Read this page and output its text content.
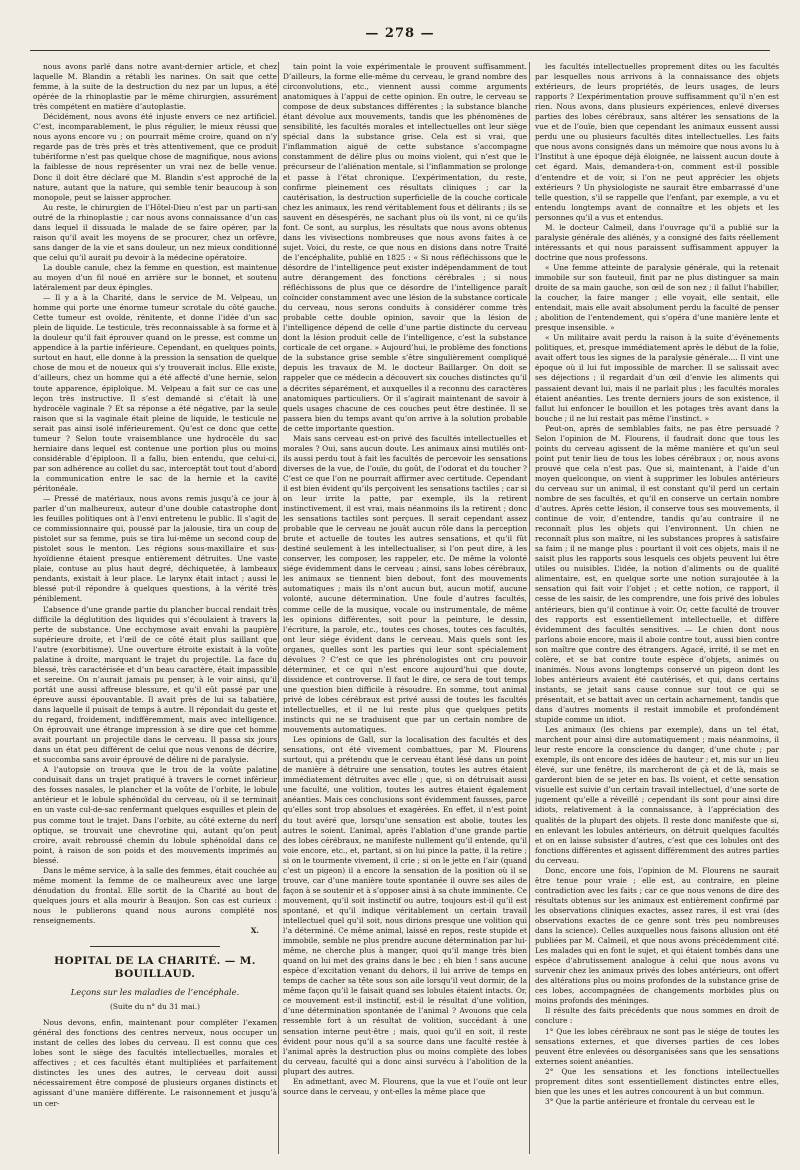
— 278 —

nous avons parlé dans notre avant-dernier article, et chez laquelle M. Blandin a rétabli les narines. On sait que cette femme, à la suite de la destruction du nez par un lupus, a été opérée de la rhinoplastie par le même chirurgien, assurément très compétent en matière d’autoplastie.

Décidément, nous avons été injuste envers ce nez artificiel. C’est, incomparablement, le plus régulier, le mieux réussi que nous ayons encore vu ; on pourrait même croire, quand on n’y regarde pas de très près et très attentivement, que ce produit tubériforme n’est pas quelque chose de magnifique, nous avions la faiblesse de nous représenter un vrai nez de belle venue. Donc il doit être déclaré que M. Blandin s’est approché de la nature, autant que la nature, qui semble tenir beaucoup à son monopole, peut se laisser approcher.

Au reste, le chirurgien de l’Hôtel-Dieu n’est par un parti-san outré de la rhinoplastie ; car nous avons connaissance d’un cas dans lequel il dissuada le malade de se faire opérer, par la raison qu’il avait les moyens de se procurer, chez un orfèvre, sans danger de la vie et sans douleur, un nez mieux conditionné que celui qu’il aurait pu devoir à la médecine opératoire.

La double canule, chez la femme en question, est maintenue au moyen d’un fil noué en arrière sur le bonnet, et soutenu latéralement par deux épingles.

— Il y a à la Charité, dans le service de M. Velpeau, un homme qui porte une énorme tumeur scrotale du côté gauche. Cette tumeur est ovoïde, rénitente, et donne l’idée d’un sac plein de liquide. Le testicule, très reconnaissable à sa forme et à la douleur qu’il fait éprouver quand on le presse, est comme un appendice à la partie inférieure. Cependant, en quelques points, surtout en haut, elle donne à la pression la sensation de quelque chose de mou et de noueux qui s’y trouverait inclus. Elle existe, d’ailleurs, chez un homme qui a été affecté d’une hernie, selon toute apparence, épiploïque. M. Velpeau a fait sur ce cas une leçon très instructive. Il s’est demandé si c’était là une hydrocèle vaginale ? Et sa réponse a été négative, par la seule raison que si la vaginale était pleine de liquide, le testicule ne serait pas ainsi isolé inférieurement. Qu’est ce donc que cette tumeur ? Selon toute vraisemblance une hydrocèle du sac herniaire dans lequel est contenue une portion plus ou moins considérable d’épiploon. Il a fallu, bien entendu, que celui-ci, par son adhérence au collet du sac, interceptât tout tout d’abord la communication entre le sac de la hernie et la cavité péritonéale.

— Pressé de matériaux, nous avons remis jusqu’à ce jour à parler d’un malheureux, auteur d’une double catastrophe dont les feuilles politiques ont à l’envi entretenu le public. Il s’agit de ce commissionnaire qui, poussé par la jalousie, tira un coup de pistolet sur sa femme, puis se tira lui-même un second coup de pistolet sous le menton. Les régions sous-maxillaire et sus-hyoïdienne étaient presque entièrement détruites. Une vaste plaie, contuse au plus haut degré, déchiquetée, à lambeaux pendants, existait à leur place. Le larynx était intact ; aussi le blessé put-il répondre à quelques questions, à la vérité très péniblement.

L’absence d’une grande partie du plancher buccal rendait très difficile la déglutition des liquides qui s’écoulaient à travers la perte de substance. Une ecchymose avait envahi la paupière supérieure droite, et l’œil de ce côté était plus saillant que l’autre (exorbitisme). Une ouverture étroite existait à la voûte palatine à droite, marquant le trajet du projectile. La face du blessé, très caractérisée et d’un beau caractère, était impassible et sereine. On n’aurait jamais pu penser, à le voir ainsi, qu’il portât une aussi affreuse blessure, et qu’il eût passé par une épreuve aussi épouvantable. Il avait près de lui sa tabatière, dans laquelle il puisait de temps à autre. Il répondait du geste et du regard, froidement, indifféremment, mais avec intelligence. On éprouvait une étrange impression à se dire que cet homme avait pourtant un projectile dans le cerveau. Il passa six jours dans un état peu différent de celui que nous venons de décrire, et succomba sans avoir éprouvé de délire ni de paralysie.

A l’autopsie on trouva que le trou de la voûte palatine conduisait dans un trajet pratiqué à travers le cornet inférieur des fosses nasales, le plancher et la voûte de l’orbite, le lobule antérieur et le lobule sphénoïdal du cerveau, où il se terminait en un vaste cul-de-sac renfermant quelques esquilles et plein de pus comme tout le trajet. Dans l’orbite, au côté externe du nerf optique, se trouvait une chevrotine qui, autant qu’on peut croire, avait rebroussé chemin du lobule sphénoïdal dans ce point, à raison de son poids et des mouvements imprimés au blessé.

Dans le même service, à la salle des femmes, était couchée au même moment la femme de ce malheureux avec une large dénudation du frontal. Elle sortit de la Charité au bout de quelques jours et alla mourir à Beaujon. Son cas est curieux : nous le publierons quand nous aurons complété nos renseignements.

X.
HOPITAL DE LA CHARITÉ. — M. BOUILLAUD.
Leçons sur les maladies de l’encéphale.
(Suite du n° du 31 mai.)

Nous devons, enfin, maintenant pour compléter l’examen général des fonctions des centres nerveux, nous occuper un instant de celles des lobes du cerveau. Il est connu que ces lobes sont le siège des facultés intellectuelles, morales et affectives ; et ces facultés étant multipliées et parfaitement distinctes les unes des autres, le cerveau doit aussi nécessairement être composé de plusieurs organes distincts et agissant d’une manière différente. Le raisonnement et jusqu’à un cer-

tain point la voie expérimentale le prouvent suffisamment. D’ailleurs, la forme elle-même du cerveau, le grand nombre des circonvolutions, etc., viennent aussi comme arguments anatomiques à l’appui de cette opinion. En outre, le cerveau se compose de deux substances différentes ; la substance blanche étant dévolue aux mouvements, tandis que les phénomènes de sensibilité, les facultés morales et intellectuelles ont leur siège spécial dans la substance grise. Cela est si vrai, que l’inflammation aiguë de cette substance s’accompagne constamment de délire plus ou moins violent, qui n’est que le précurseur de l’aliénation mentale, si l’inflammation se prolonge et passe à l’état chronique. L’expérimentation, du reste, confirme pleinement ces résultats cliniques ; car la cautérisation, la destruction superficielle de la couche corticale chez les animaux, les rend véritablement fous et délirants ; ils se sauvent en désespérés, ne sachant plus où ils vont, ni ce qu’ils font. Ce sont, au surplus, les résultats que nous avons obtenus dans les vivisections nombreuses que nous avons faites à ce sujet. Voici, du reste, ce que nous en disions dans notre Traité de l’encéphalite, publié en 1825 : « Si nous réfléchissons que le désordre de l’intelligence peut exister indépendamment de tout autre dérangement des fonctions cérébrales ; si nous réfléchissons de plus que ce désordre de l’intelligence paraît coïncider constamment avec une lésion de la substance corticale du cerveau, nous serons conduits à considérer comme très probable cette double opinion, savoir que la lésion de l’intelligence dépend de celle d’une partie distincte du cerveau dont la lésion produit celle de l’intelligence, c’est la substance corticale de cet organe. » Aujourd’hui, le problème des fonctions de la substance grise semble s’être singulièrement compliqué depuis les travaux de M. le docteur Baillarger. On doit se rappeler que ce médecin a découvert six couches distinctes qu’il a décrites séparément, et auxquelles il a reconnu des caractères anatomiques particuliers. Or il s’agirait maintenant de savoir à quels usages chacune de ces couches peut être destinée. Il se passera bien du temps avant qu’on arrive à la solution probable de cette importante question.

Mais sans cerveau est-on privé des facultés intellectuelles et morales ? Oui, sans aucun doute. Les animaux ainsi mutilés ont-ils aussi perdu tout à fait les facultés de percevoir les sensations diverses de la vue, de l’ouïe, du goût, de l’odorat et du toucher ? C’est ce que l’on ne pourrait affirmer avec certitude. Cependant il est bien évident qu’ils perçoivent les sensations tactiles ; car si on leur irrite la patte, par exemple, ils la retirent instinctivement, il est vrai, mais néanmoins ils la retirent ; donc les sensations tactiles sont perçues. Il serait cependant assez probable que le cerveau ne jouât aucun rôle dans la perception brute et actuelle de toutes les autres sensations, et qu’il fût destiné seulement à les intellectualiser, si l’on peut dire, à les conserver, les composer, les rappeler, etc. De même la volonté siége évidemment dans le cerveau ; ainsi, sans lobes cérébraux, les animaux se tiennent bien debout, font des mouvements automatiques ; mais ils n’ont aucun but, aucun motif, aucune volonté, aucune détermination. Une foule d’autres facultés, comme celle de la musique, vocale ou instrumentale, de même les opinions différentes, soit pour la peinture, le dessin, l’écriture, la parole, etc., toutes ces choses, toutes ces facultés, ont leur siége évident dans le cerveau. Mais quels sont les organes, quelles sont les parties qui leur sont spécialement dévolues ? C’est ce que les phrénologistes ont cru pouvoir déterminer, et ce qui n’est encore aujourd’hui que doute, dissidence et controverse. Il faut le dire, ce sera de tout temps une question bien difficile à résoudre. En somme, tout animal privé de lobes cérébraux est privé aussi de toutes les facultés intellectuelles, et il ne lui reste plus que quelques petits instincts qui ne se traduisent que par un certain nombre de mouvements automatiques.

Les opinions de Gall, sur la localisation des facultés et des sensations, ont été vivement combattues, par M. Flourens surtout, qui a prétendu que le cerveau étant lésé dans un point de manière à détruire une sensation, toutes les autres étaient immédiatement détruites avec elle ; que, si on détruisait aussi une faculté, une volition, toutes les autres étaient également anéanties. Mais ces conclusions sont évidemment fausses, parce qu’elles sont trop absolues et exagérées. En effet, il n’est point du tout avéré que, lorsqu’une sensation est abolie, toutes les autres le soient. L’animal, après l’ablation d’une grande partie des lobes cérébraux, ne manifeste nullement qu’il entende, qu’il voie encore, etc., et, partant, si on lui pince la patte, il la retire ; si on le tourmente vivement, il crie ; si on le jette en l’air (quand c’est un pigeon) il a encore la sensation de la position où il se trouve, car d’une manière toute spontanée il ouvre ses ailes de façon à se soutenir et à s’opposer ainsi à sa chute imminente. Ce mouvement, qu’il soit instinctif ou autre, toujours est-il qu’il est spontané, et qu’il indique véritablement un certain travail intellectuel quel qu’il soit, nous dirions presque une volition qui l’a déterminé. Ce même animal, laissé en repos, reste stupide et immobile, semble ne plus prendre aucune détermination par lui-même, ne cherche plus à manger, quoi qu’il mange très bien quand on lui met des grains dans le bec ; eh bien ! sans aucune espèce d’excitation venant du dehors, il lui arrive de temps en temps de cacher sa tête sous son aile lorsqu’il veut dormir, de la même façon qu’il le faisait quand ses lobules étaient intacts. Or, ce mouvement est-il instinctif, est-il le résultat d’une volition, d’une détermination spontanée de l’animal ? Avouons que cela ressemble fort à un résultat de volition, succédant à une sensation interne peut-être ; mais, quoi qu’il en soit, il reste évident pour nous qu’il a sa source dans une faculté restée à l’animal après la destruction plus ou moins complète des lobes du cerveau, faculté qui a donc ainsi survécu à l’abolition de la plupart des autres.

En admettant, avec M. Flourens, que la vue et l’ouïe ont leur source dans le cerveau, y ont-elles la même place que

les facultés intellectuelles proprement dites ou les facultés par lesquelles nous arrivons à la connaissance des objets extérieurs, de leurs propriétés, de leurs usages, de leurs rapports ? L’expérimentation prouve suffisamment qu’il n’en est rien. Nous avons, dans plusieurs expériences, enlevé diverses parties des lobes cérébraux, sans altérer les sensations de la vue et de l’ouïe, bien que cependant les animaux eussent aussi perdu une ou plusieurs facultés dites intellectuelles. Les faits que nous avons consignés dans un mémoire que nous avons lu à l’Institut à une époque déjà éloignée, ne laissent aucun doute à cet égard. Mais, demandera-t-on, comment est-il possible d’entendre et de voir, si l’on ne peut apprécier les objets extérieurs ? Un physiologiste ne saurait être embarrassé d’une telle question, s’il se rappelle que l’enfant, par exemple, a vu et entendu longtemps avant de connaître et les objets et les personnes qu’il a vus et entendus.

M. le docteur Calmeil, dans l’ouvrage qu’il a publié sur la paralysie générale des aliénés, y a consigné des faits réellement intéressants et qui nous paraissent suffisamment appuyer la doctrine que nous professons.

« Une femme atteinte de paralysie générale, qui la retenait immobile sur son fauteuil, finit par ne plus distinguer sa main droite de sa main gauche, son œil de son nez ; il fallut l’habiller, la coucher, la faire manger ; elle voyait, elle sentait, elle entendait, mais elle avait absolument perdu la faculté de penser ; abolition de l’entendement, qui s’opéra d’une manière lente et presque insensible. »

« Un militaire avait perdu la raison à la suite d’événements politiques, et, presque immédiatement après le début de la folie, avait offert tous les signes de la paralysie générale.... Il vint une époque où il lui fut impossible de marcher. Il se salissait avec ses déjections ; il regardait d’un œil d’envie les aliments qui passaient devant lui, mais il ne parlait plus ; les facultés morales étaient anéanties. Les trente derniers jours de son existence, il fallut lui enfoncer le bouillon et les potages très avant dans la bouche ; il ne lui restait pas même l’instinct. »

Peut-on, après de semblables faits, ne pas être persuadé ? Selon l’opinion de M. Flourens, il faudrait donc que tous les points du cerveau agissent de la même manière et qu’un seul point put tenir lieu de tous les lobes cérébraux ; or, nous avons prouvé que cela n’est pas. Que si, maintenant, à l’aide d’un moyen quelconque, on vient à supprimer les lobules antérieurs du cerveau sur un animal, il est constant qu’il perd un certain nombre de ses facultés, et qu’il en conserve un certain nombre d’autres. Après cette lésion, il conserve tous ses mouvements, il continue de voir, d’entendre, tandis qu’au contraire il ne reconnaît plus les objets qui l’environnent. Un chien ne reconnaît plus son maître, ni les substances propres à satisfaire sa faim ; il ne mange plus : pourtant il voit ces objets, mais il ne saisit plus les rapports sous lesquels ces objets peuvent lui être utiles ou nuisibles. L’idée, la notion d’aliments ou de qualité alimentaire, est, en quelque sorte une notion surajoutée à la sensation qui fait voir l’objet ; et cette notion, ce rapport, il cesse de les saisir, de les comprendre, une fois privé des lobules antérieurs, bien qu’il continue à voir. Or, cette faculté de trouver des rapports est essentiellement intellectuelle, et diffère évidemment des facultés sensitives. — Le chien dont nous parlons aboie encore, mais il aboie contre tout, aussi bien contre son maître que contre des étrangers. Agacé, irrité, il se met en colère, et se bat contre toute espèce d’objets, animés ou inanimés. Nous avons longtemps conservé un pigeon dont les lobes antérieurs avaient été cautérisés, et qui, dans certains instants, se jetait sans cause connue sur tout ce qui se présentait, et se battait avec un certain acharnement, tandis que dans d’autres moments il restait immobile et profondément stupide comme un idiot.

Les animaux (les chiens par exemple), dans un tel état, marchent pour ainsi dire automatiquement ; mais néanmoins, il leur reste encore la conscience du danger, d’une chute ; par exemple, ils ont encore des idées de hauteur ; et, mis sur un lieu élevé, sur une fenêtre, ils marcheront de çà et de là, mais se garderont bien de se jeter en bas. Ils voient, et cette sensation visuelle est suivie d’un certain travail intellectuel, d’une sorte de jugement qu’elle a réveillé ; cependant ils sont pour ainsi dire idiots, relativement à la connaissance, à l’appréciation des qualités de la plupart des objets. Il reste donc manifeste que si, en enlevant les lobules antérieurs, on détruit quelques facultés et on en laisse subsister d’autres, c’est que ces lobules ont des fonctions différentes et agissent différemment des autres parties du cerveau.

Donc, encore une fois, l’opinion de M. Flourens ne saurait être tenue pour vraie ; elle est, au contraire, en pleine contradiction avec les faits ; car ce que nous venons de dire des résultats obtenus sur les animaux est entièrement confirmé par les observations cliniques exactes, assez rares, il est vrai (des observations exactes de ce genre sont très peu nombreuses dans la science). Celles auxquelles nous faisons allusion ont été publiées par M. Calmeil, et que nous avons précédemment cité. Les malades qui en font le sujet, et qui étaient tombés dans une espèce d’abrutissement analogue à celui que nous avons vu survenir chez les animaux privés des lobes antérieurs, ont offert des altérations plus ou moins profondes de la substance grise de ces lobes, accompagnées de changements morbides plus ou moins profonds des méninges.

Il résulte des faits précédents que nous sommes en droit de conclure :

1° Que les lobes cérébraux ne sont pas le siége de toutes les sensations externes, et que diverses parties de ces lobes peuvent être enlevées ou désorganisées sans que les sensations externes soient anéanties.

2° Que les sensations et les fonctions intellectuelles proprement dites sont essentiellement distinctes entre elles, bien que les unes et les autres concourent à un but commun.

3° Que la partie antérieure et frontale du cerveau est le
